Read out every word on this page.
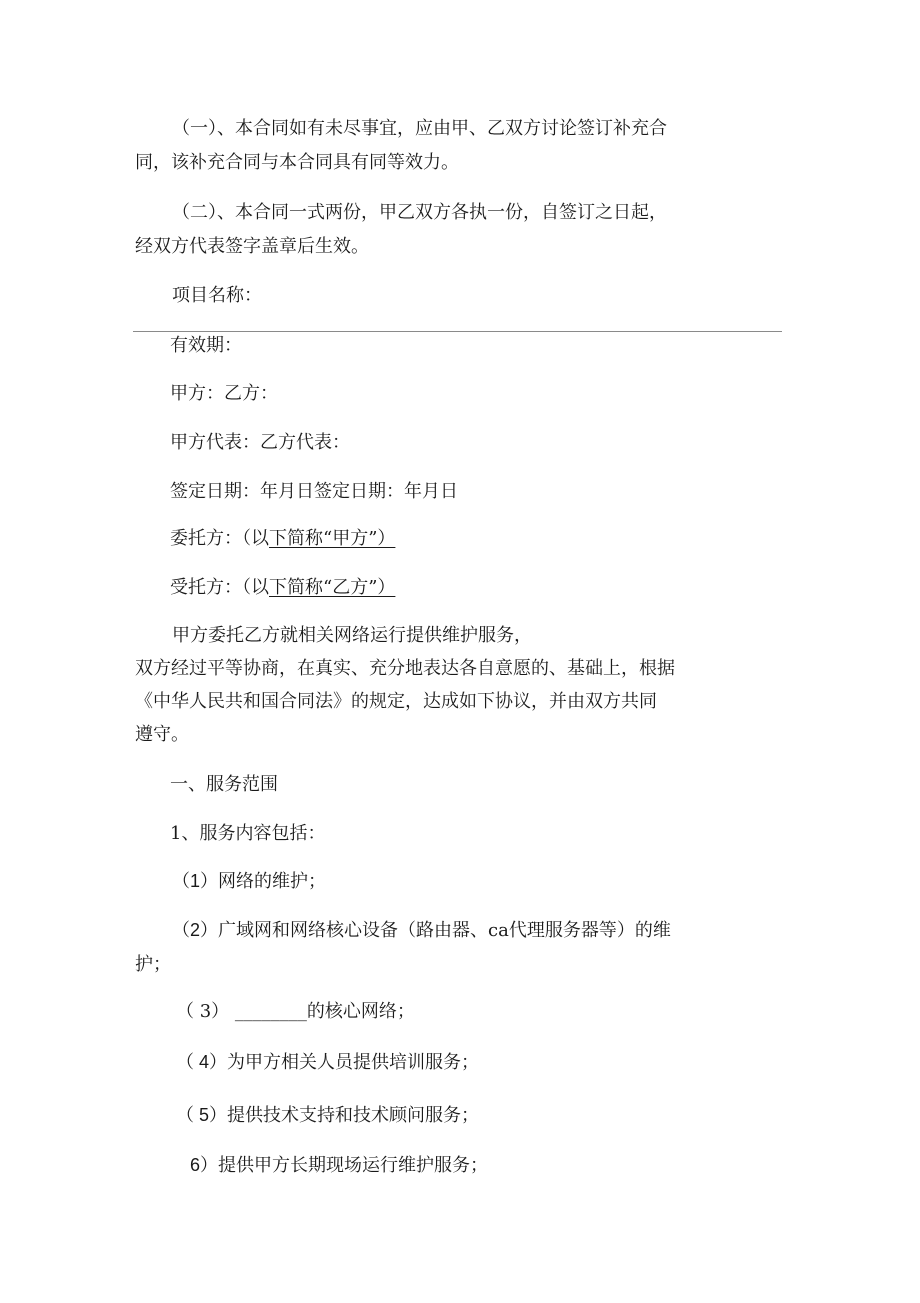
（一）、本合同如有未尽事宜，应由甲、乙双方讨论签订补充合
同，该补充合同与本合同具有同等效力。
（二）、本合同一式两份，甲乙双方各执一份，自签订之日起，
经双方代表签字盖章后生效。
项目名称：
有效期：
甲方：乙方：
甲方代表：乙方代表：
签定日期：年月日签定日期：年月日
委托方：（以下简称“甲方”）
受托方：（以下简称“乙方”）
甲方委托乙方就相关网络运行提供维护服务，
双方经过平等协商，在真实、充分地表达各自意愿的、基础上，根据
《中华人民共和国合同法》的规定，达成如下协议，并由双方共同
遵守。
一、服务范围
1、服务内容包括：
（1）网络的维护；
（2）广域网和网络核心设备（路由器、ca代理服务器等）的维
护；
（ 3） ________的核心网络；
（ 4）为甲方相关人员提供培训服务；
（ 5）提供技术支持和技术顾问服务；
6）提供甲方长期现场运行维护服务；
